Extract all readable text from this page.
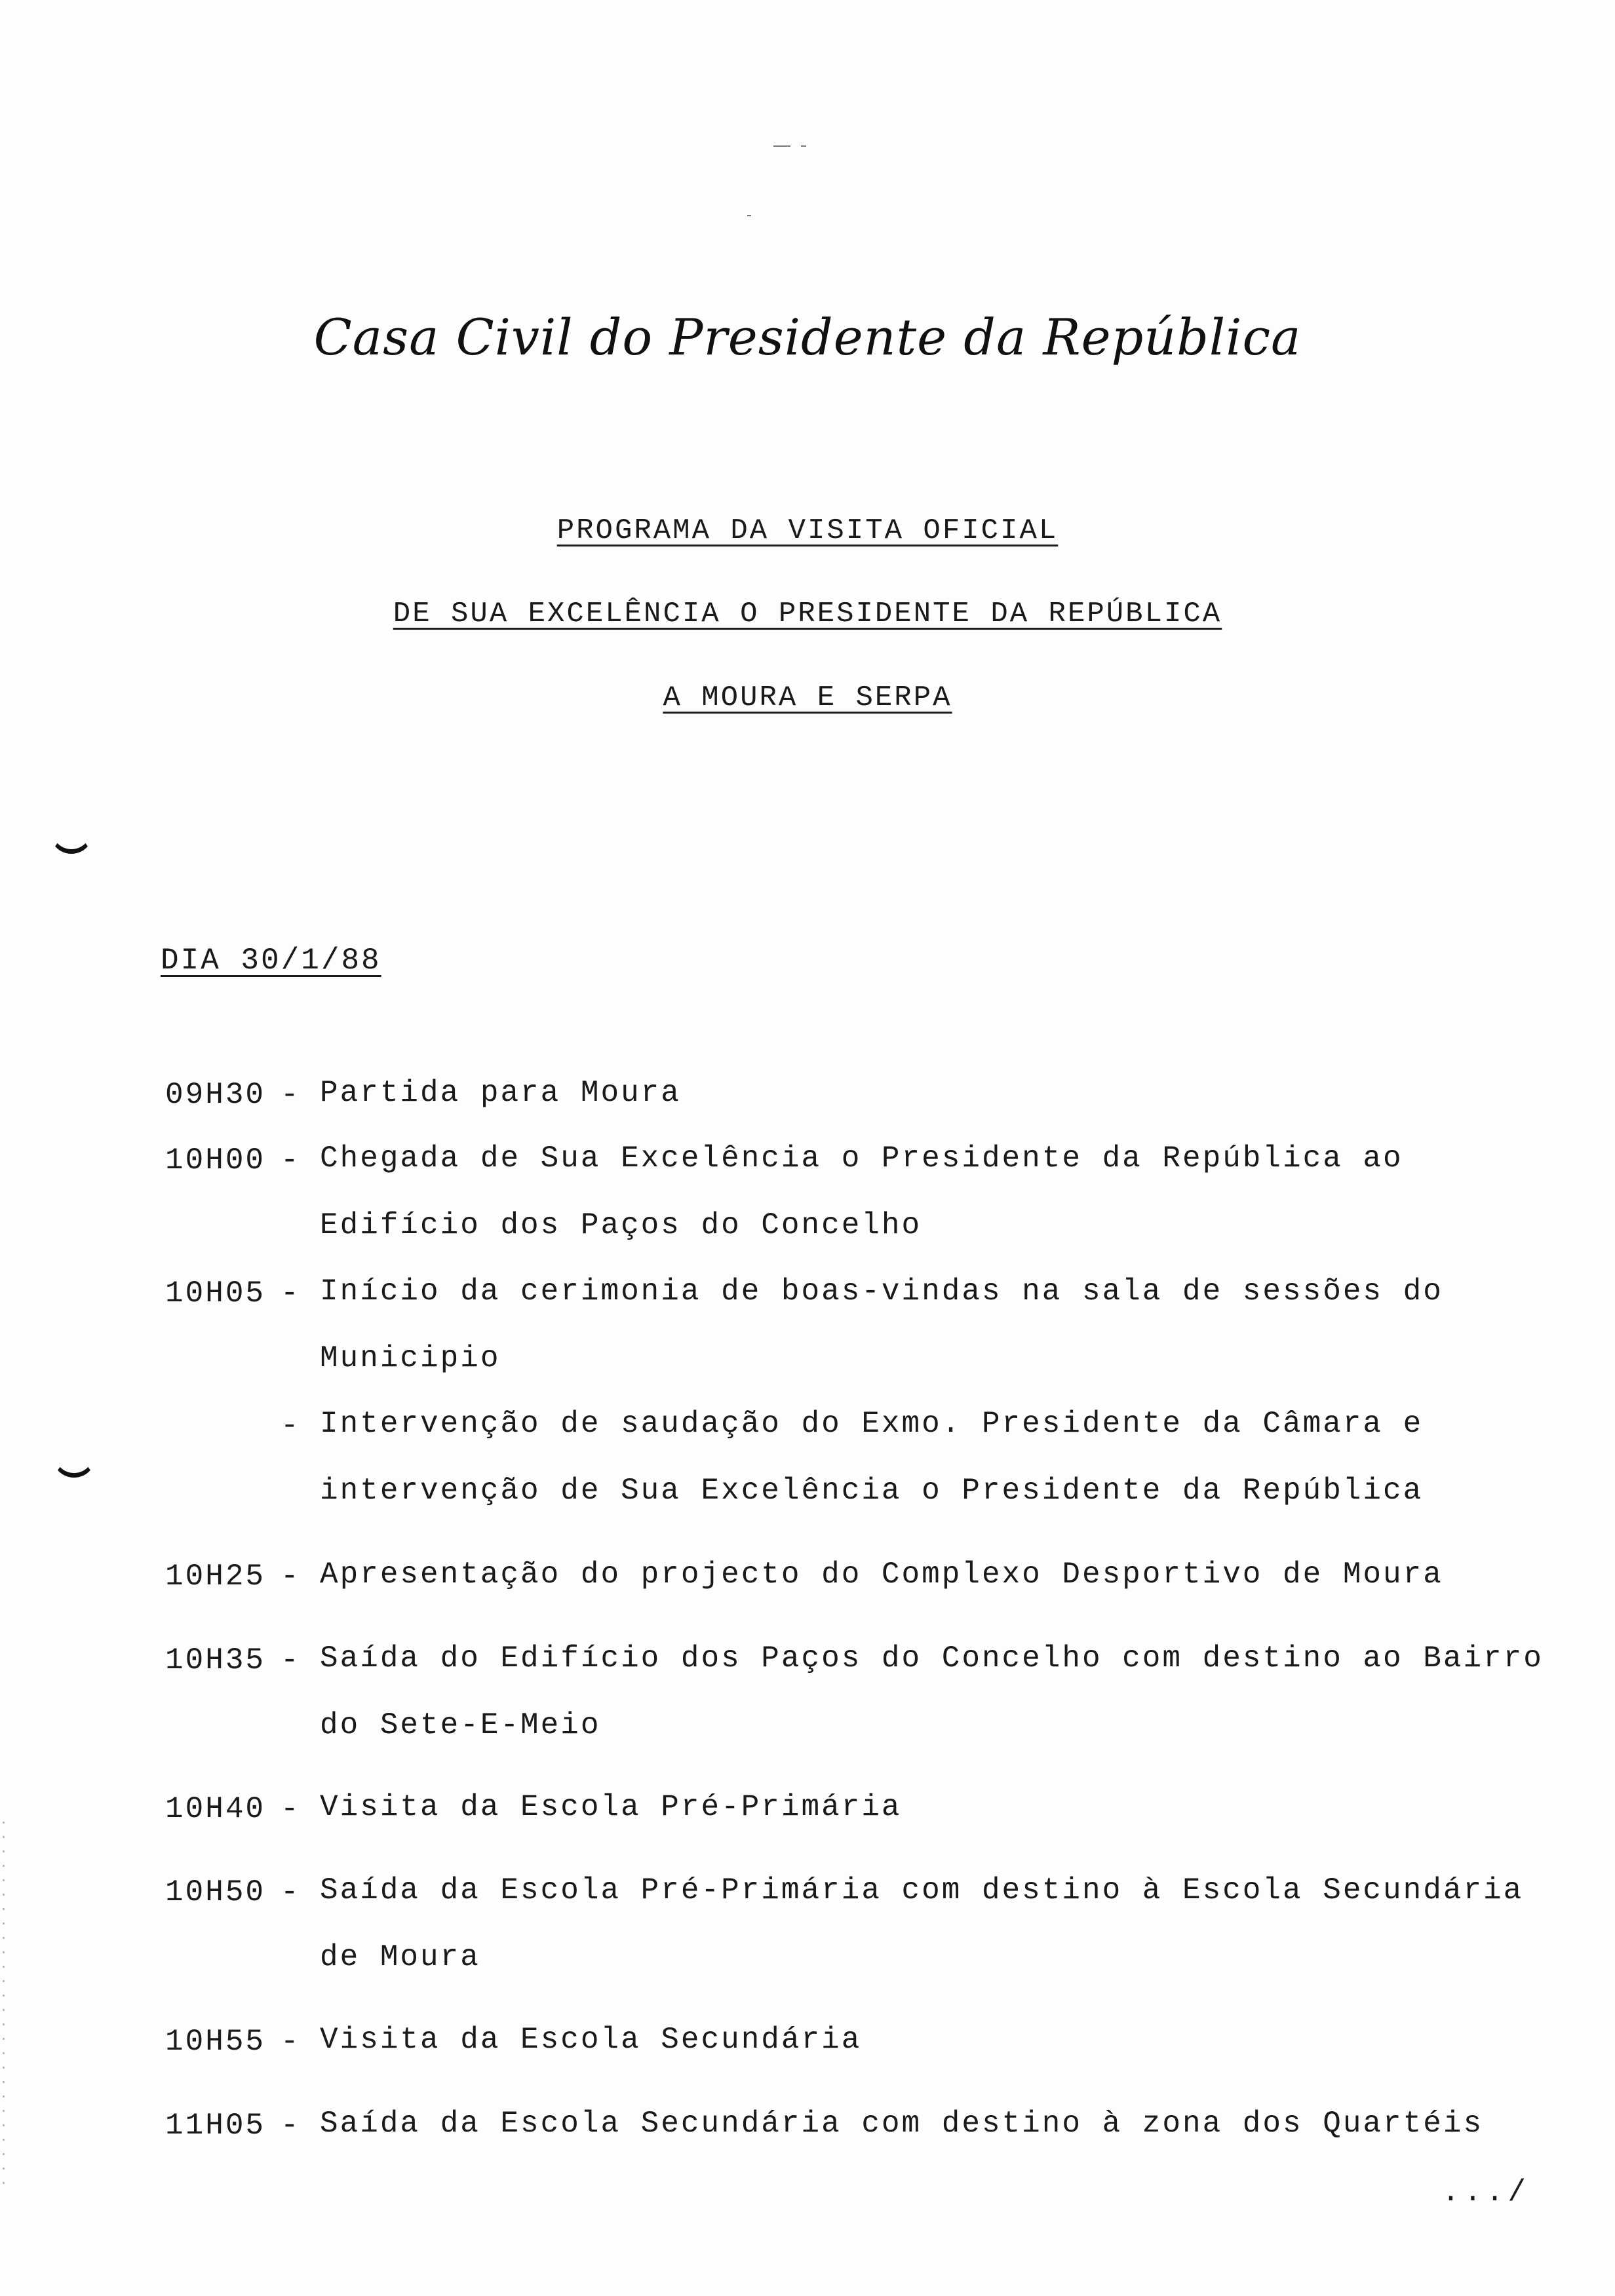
Casa Civil do Presidente da República
PROGRAMA DA VISITA OFICIAL
DE SUA EXCELÊNCIA O PRESIDENTE DA REPÚBLICA
A MOURA E SERPA
DIA 30/1/88
09H30 - Partida para Moura
10H00 - Chegada de Sua Excelência o Presidente da República ao Edifício dos Paços do Concelho
10H05 - Início da cerimonia de boas-vindas na sala de sessões do Municipio
- Intervenção de saudação do Exmo. Presidente da Câmara e intervenção de Sua Excelência o Presidente da República
10H25 - Apresentação do projecto do Complexo Desportivo de Moura
10H35 - Saída do Edifício dos Paços do Concelho com destino ao Bairro do Sete-E-Meio
10H40 - Visita da Escola Pré-Primária
10H50 - Saída da Escola Pré-Primária com destino à Escola Secundária de Moura
10H55 - Visita da Escola Secundária
11H05 - Saída da Escola Secundária com destino à zona dos Quartéis
.../
